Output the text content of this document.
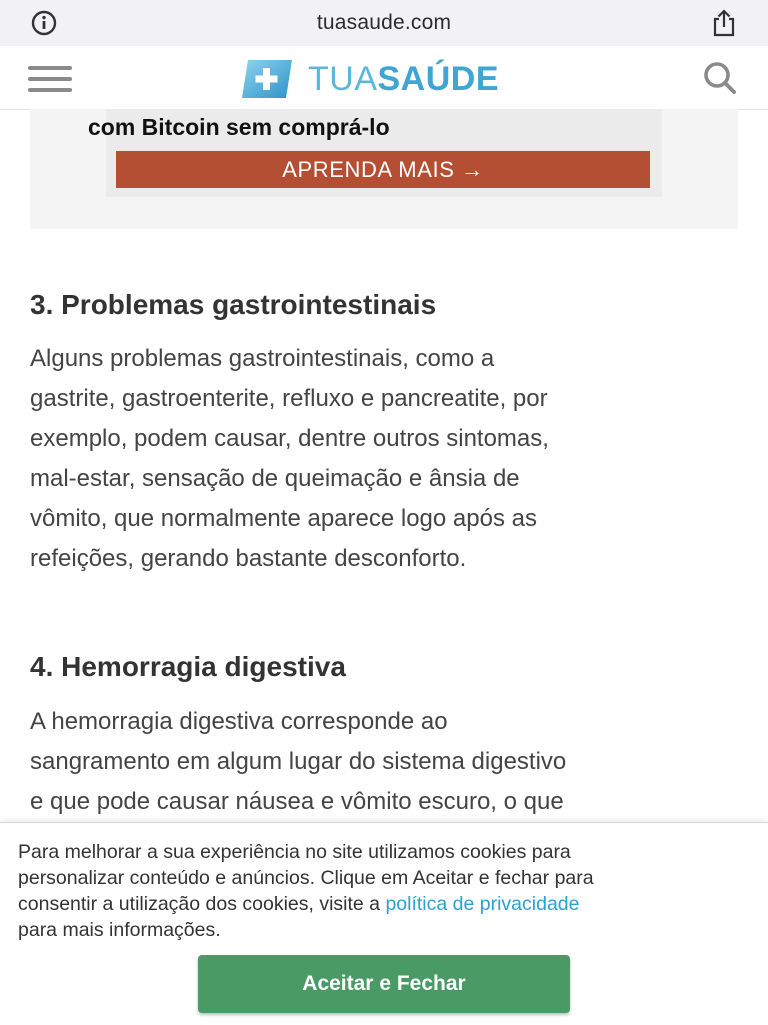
tuasaude.com
TUASAÚDE
com Bitcoin sem comprá-lo
APRENDA MAIS →
3. Problemas gastrointestinais

Alguns problemas gastrointestinais, como a
gastrite, gastroenterite, refluxo e pancreatite, por
exemplo, podem causar, dentre outros sintomas,
mal-estar, sensação de queimação e ânsia de
vômito, que normalmente aparece logo após as
refeições, gerando bastante desconforto.

4. Hemorragia digestiva

A hemorragia digestiva corresponde ao
sangramento em algum lugar do sistema digestivo
e que pode causar náusea e vômito escuro, o que

Para melhorar a sua experiência no site utilizamos cookies para
personalizar conteúdo e anúncios. Clique em Aceitar e fechar para
consentir a utilização dos cookies, visite a política de privacidade
para mais informações.
Aceitar e Fechar
